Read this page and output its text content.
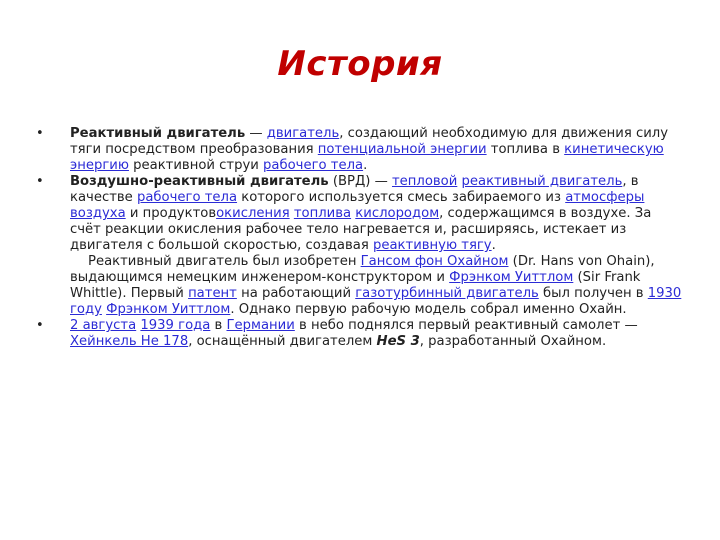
История
•	Реактивный двигатель — двигатель, создающий необходимую для движения силу тяги посредством преобразования потенциальной энергии топлива в кинетическую энергию реактивной струи рабочего тела.
•	Воздушно-реактивный двигатель (ВРД) — тепловой реактивный двигатель, в качестве рабочего тела которого используется смесь забираемого из атмосферы воздуха и продуктовокисления топлива кислородом, содержащимся в воздухе. За счёт реакции окисления рабочее тело нагревается и, расширяясь, истекает из двигателя с большой скоростью, создавая реактивную тягу.
Реактивный двигатель был изобретен Гансом фон Охайном (Dr. Hans von Ohain), выдающимся немецким инженером-конструктором и Фрэнком Уиттлом (Sir Frank Whittle). Первый патент на работающий газотурбинный двигатель был получен в 1930 году Фрэнком Уиттлом. Однако первую рабочую модель собрал именно Охайн.
•	2 августа 1939 года в Германии в небо поднялся первый реактивный самолет — Хейнкель He 178, оснащённый двигателем HeS 3, разработанный Охайном.
